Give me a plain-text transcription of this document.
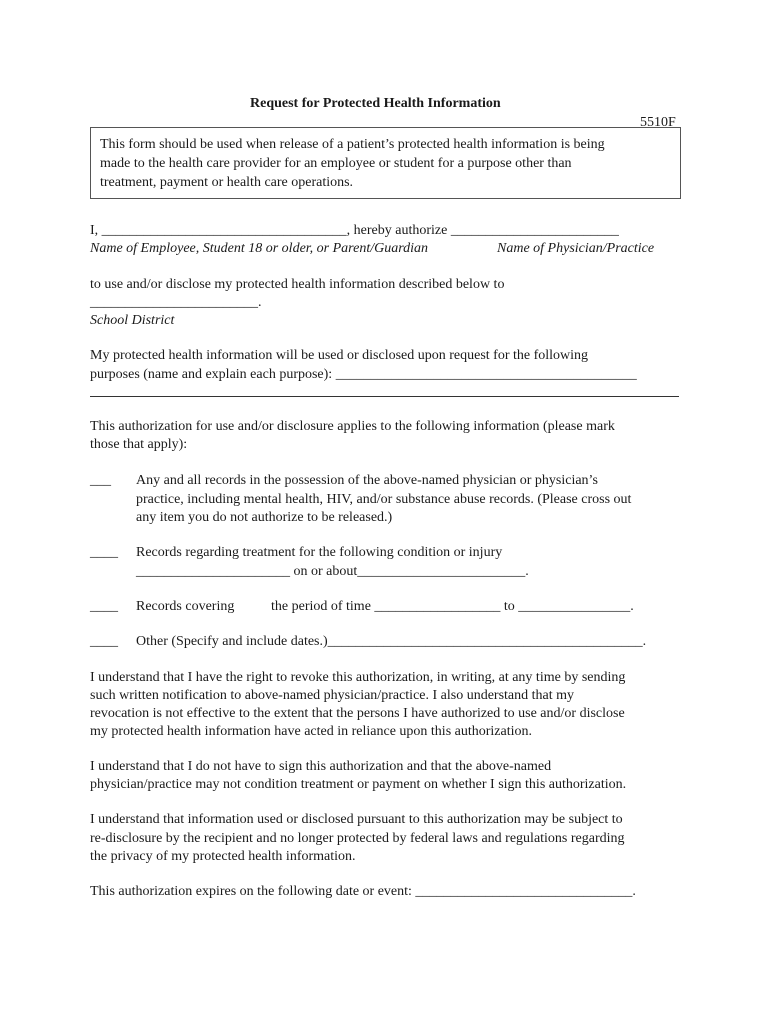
Request for Protected Health Information
5510F
This form should be used when release of a patient’s protected health information is being
made to the health care provider for an employee or student for a purpose other than
treatment, payment or health care operations.
I, ___________________________________, hereby authorize ________________________
Name of Employee, Student 18 or older, or Parent/Guardian	Name of Physician/Practice
to use and/or disclose my protected health information described below to
________________________.
School District
My protected health information will be used or disclosed upon request for the following
purposes (name and explain each purpose): ___________________________________________
This authorization for use and/or disclosure applies to the following information (please mark
those that apply):
___ Any and all records in the possession of the above-named physician or physician’s
practice, including mental health, HIV, and/or substance abuse records. (Please cross out
any item you do not authorize to be released.)
____ Records regarding treatment for the following condition or injury
______________________ on or about________________________.
____ Records covering	the period of time __________________ to ________________.
____ Other (Specify and include dates.)_____________________________________________.
I understand that I have the right to revoke this authorization, in writing, at any time by sending
such written notification to above-named physician/practice. I also understand that my
revocation is not effective to the extent that the persons I have authorized to use and/or disclose
my protected health information have acted in reliance upon this authorization.
I understand that I do not have to sign this authorization and that the above-named
physician/practice may not condition treatment or payment on whether I sign this authorization.
I understand that information used or disclosed pursuant to this authorization may be subject to
re-disclosure by the recipient and no longer protected by federal laws and regulations regarding
the privacy of my protected health information.
This authorization expires on the following date or event: _______________________________.
